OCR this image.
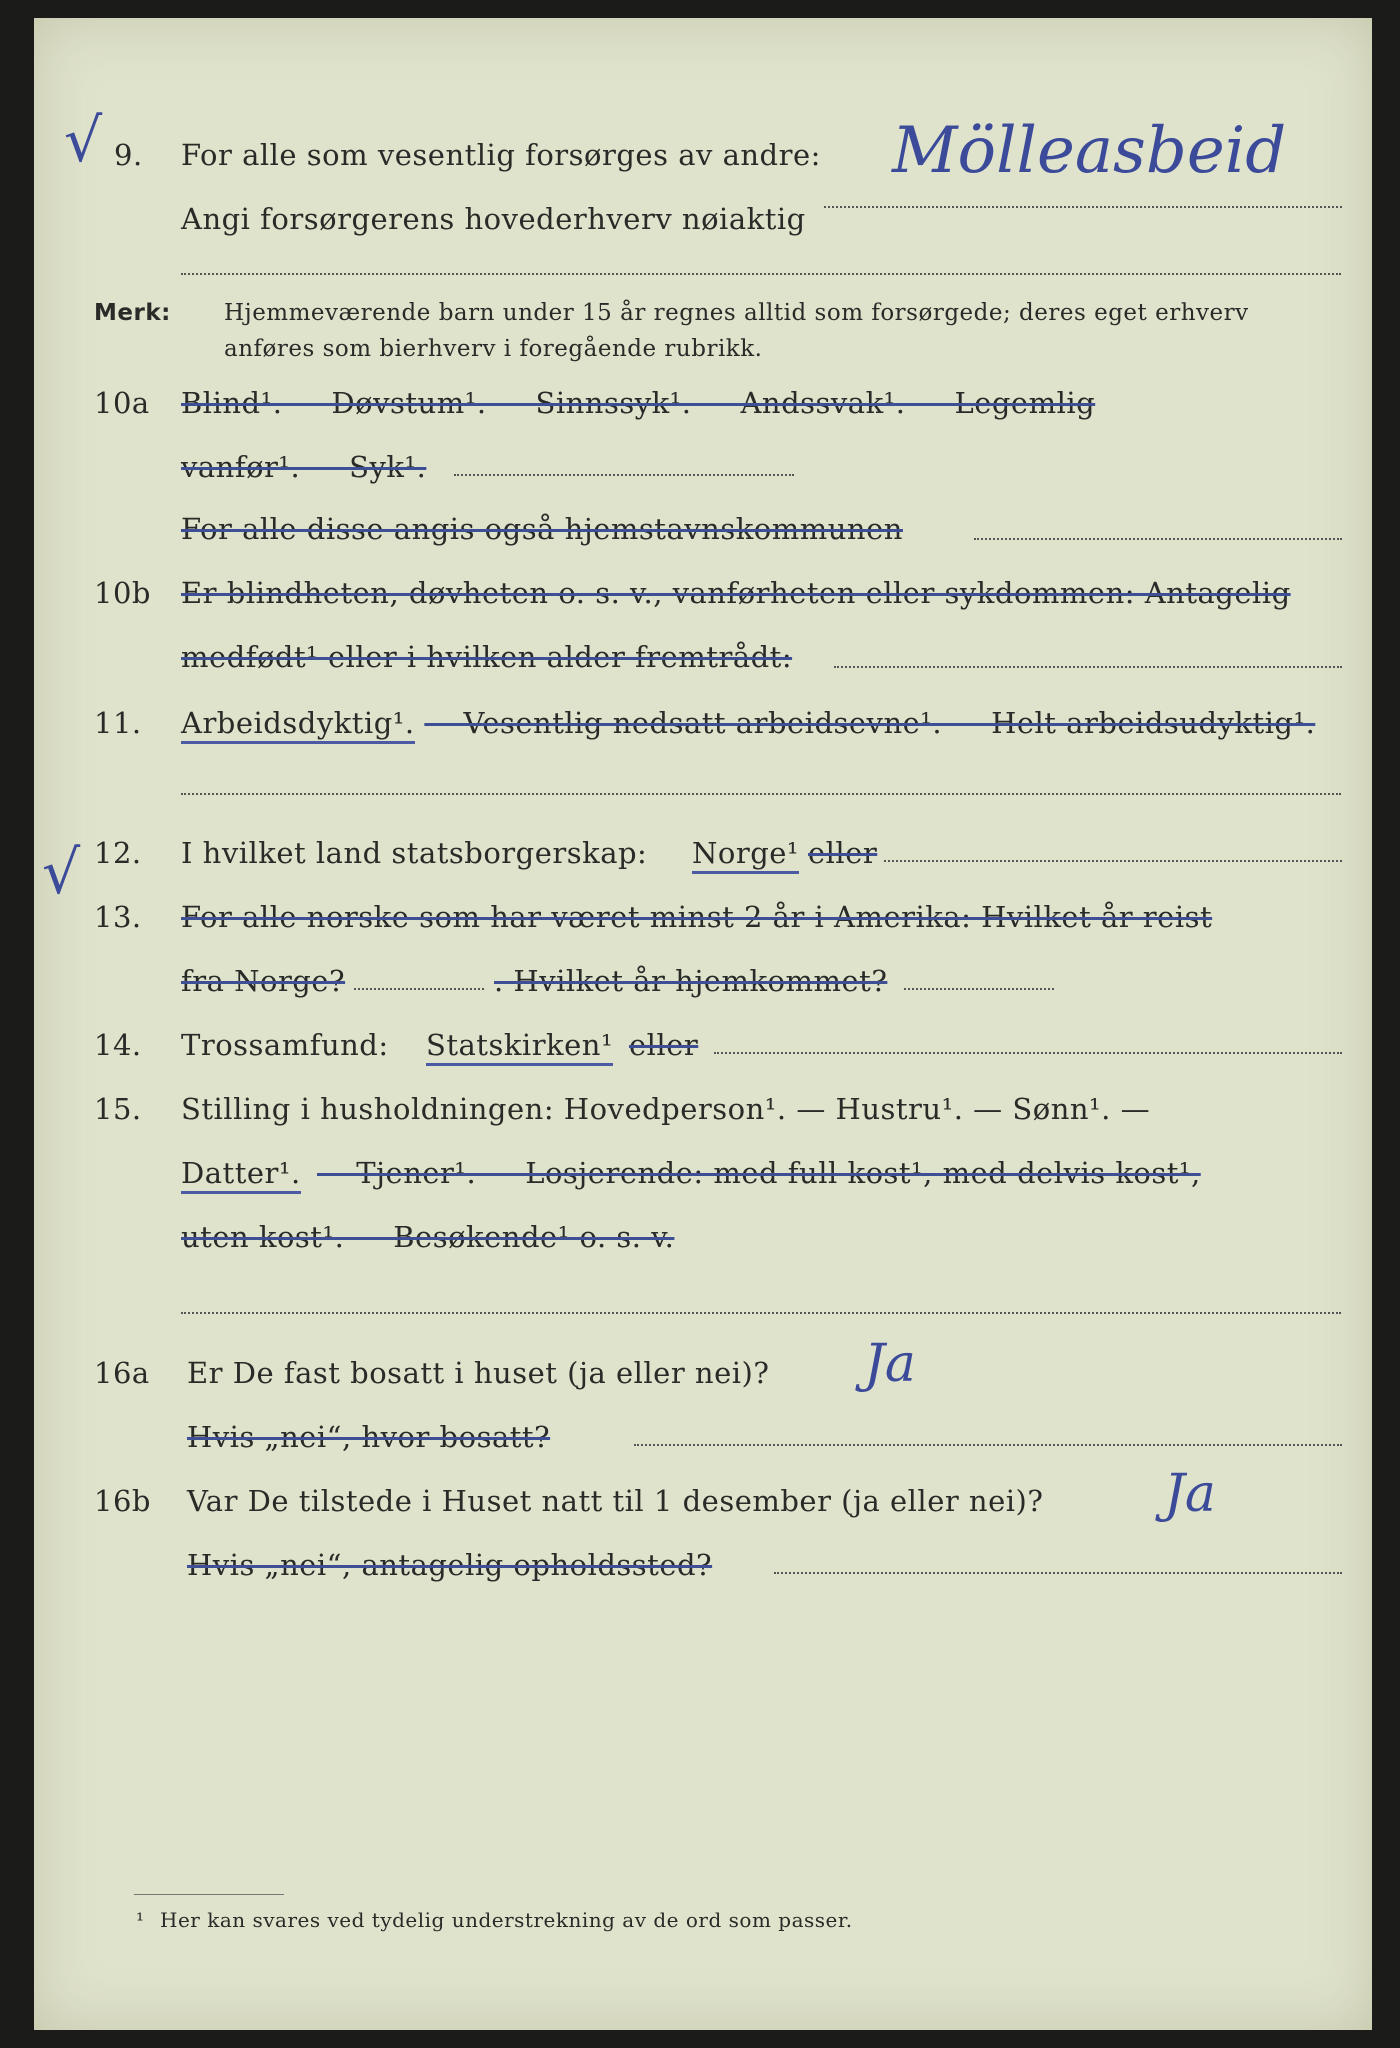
√
√
9. For alle som vesentlig forsørges av andre: Mölleasbeid
Angi forsørgerens hovederhverv nøiaktig
Merk: Hjemmeværende barn under 15 år regnes alltid som forsørgede; deres eget erhverv
anføres som bierhverv i foregående rubrikk.
10a Blind¹. — Døvstum¹. — Sinnssyk¹. — Andssvak¹. — Legemlig
vanfør¹. — Syk¹.
For alle disse angis også hjemstavnskommunen
10b Er blindheten, døvheten o. s. v., vanførheten eller sykdommen: Antagelig
medfødt¹ eller i hvilken alder fremtrådt:
11. Arbeidsdyktig¹. — Vesentlig nedsatt arbeidsevne¹. — Helt arbeidsudyktig¹.
12. I hvilket land statsborgerskap: Norge¹ eller
13. For alle norske som har været minst 2 år i Amerika: Hvilket år reist
fra Norge?	. Hvilket år hjemkommet?
14. Trossamfund: Statskirken¹ eller
15. Stilling i husholdningen: Hovedperson¹. — Hustru¹. — Sønn¹. —
Datter¹. — Tjener¹. — Losjerende: med full kost¹, med delvis kost¹,
uten kost¹. — Besøkende¹ o. s. v.
16a Er De fast bosatt i huset (ja eller nei)? Ja
Hvis „nei“, hvor bosatt?
16b Var De tilstede i Huset natt til 1 desember (ja eller nei)? Ja
Hvis „nei“, antagelig opholdssted?
¹ Her kan svares ved tydelig understrekning av de ord som passer.
